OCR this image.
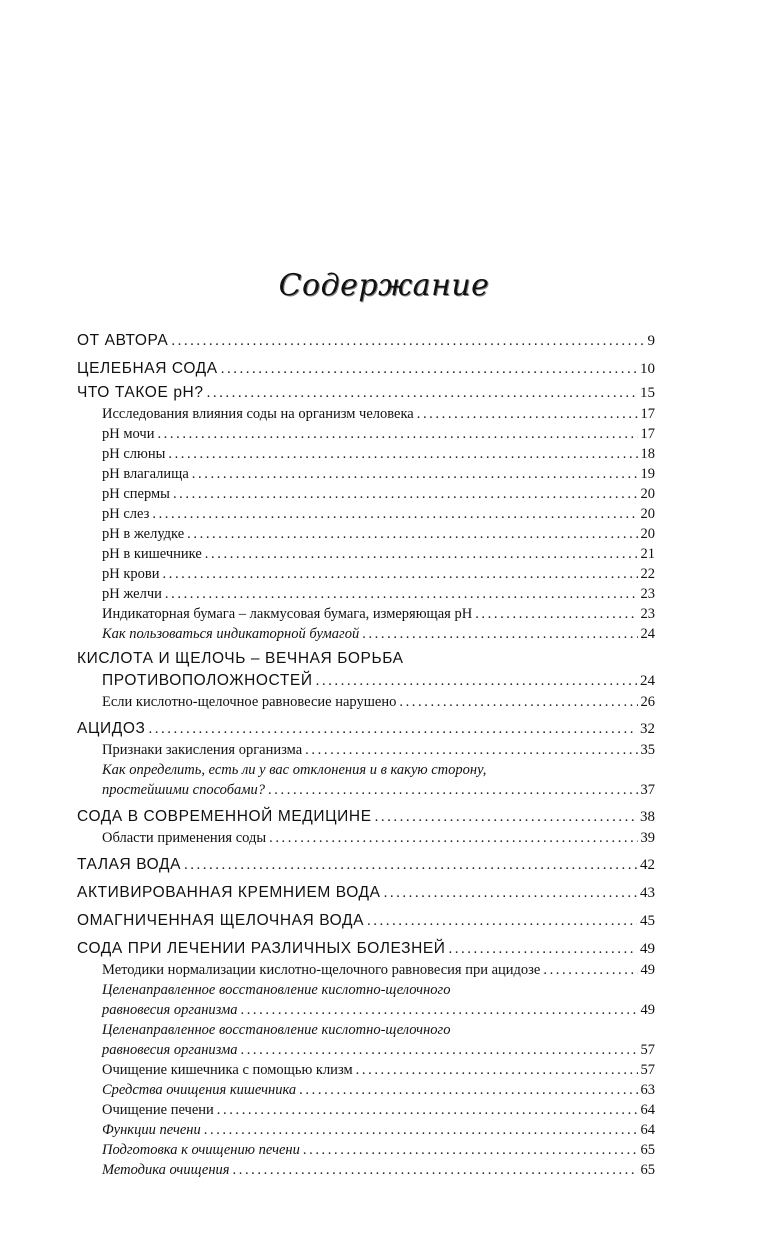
Содержание
ОТ АВТОРА .....	9
ЦЕЛЕБНАЯ СОДА .....	10
ЧТО ТАКОЕ рН? .....	15
Исследования влияния соды на организм человека .....	17
рН мочи .....	17
рН слюны .....	18
рН влагалища .....	19
рН спермы .....	20
рН слез .....	20
рН в желудке .....	20
рН в кишечнике .....	21
рН крови .....	22
рН желчи .....	23
Индикаторная бумага – лакмусовая бумага, измеряющая рН .....	23
Как пользоваться индикаторной бумагой .....	24
КИСЛОТА И ЩЕЛОЧЬ – ВЕЧНАЯ БОРЬБА
ПРОТИВОПОЛОЖНОСТЕЙ .....	24
Если кислотно-щелочное равновесие нарушено .....	26
АЦИДОЗ .....	32
Признаки закисления организма .....	35
Как определить, есть ли у вас отклонения и в какую сторону,
простейшими способами? .....	37
СОДА В СОВРЕМЕННОЙ МЕДИЦИНЕ .....	38
Области применения соды .....	39
ТАЛАЯ ВОДА .....	42
АКТИВИРОВАННАЯ КРЕМНИЕМ ВОДА .....	43
ОМАГНИЧЕННАЯ ЩЕЛОЧНАЯ ВОДА .....	45
СОДА ПРИ ЛЕЧЕНИИ РАЗЛИЧНЫХ БОЛЕЗНЕЙ .....	49
Методики нормализации кислотно-щелочного равновесия при ацидозе .....	49
Целенаправленное восстановление кислотно-щелочного
равновесия организма .....	49
Целенаправленное восстановление кислотно-щелочного
равновесия организма .....	57
Очищение кишечника с помощью клизм .....	57
Средства очищения кишечника .....	63
Очищение печени .....	64
Функции печени .....	64
Подготовка к очищению печени .....	65
Методика очищения .....	65
